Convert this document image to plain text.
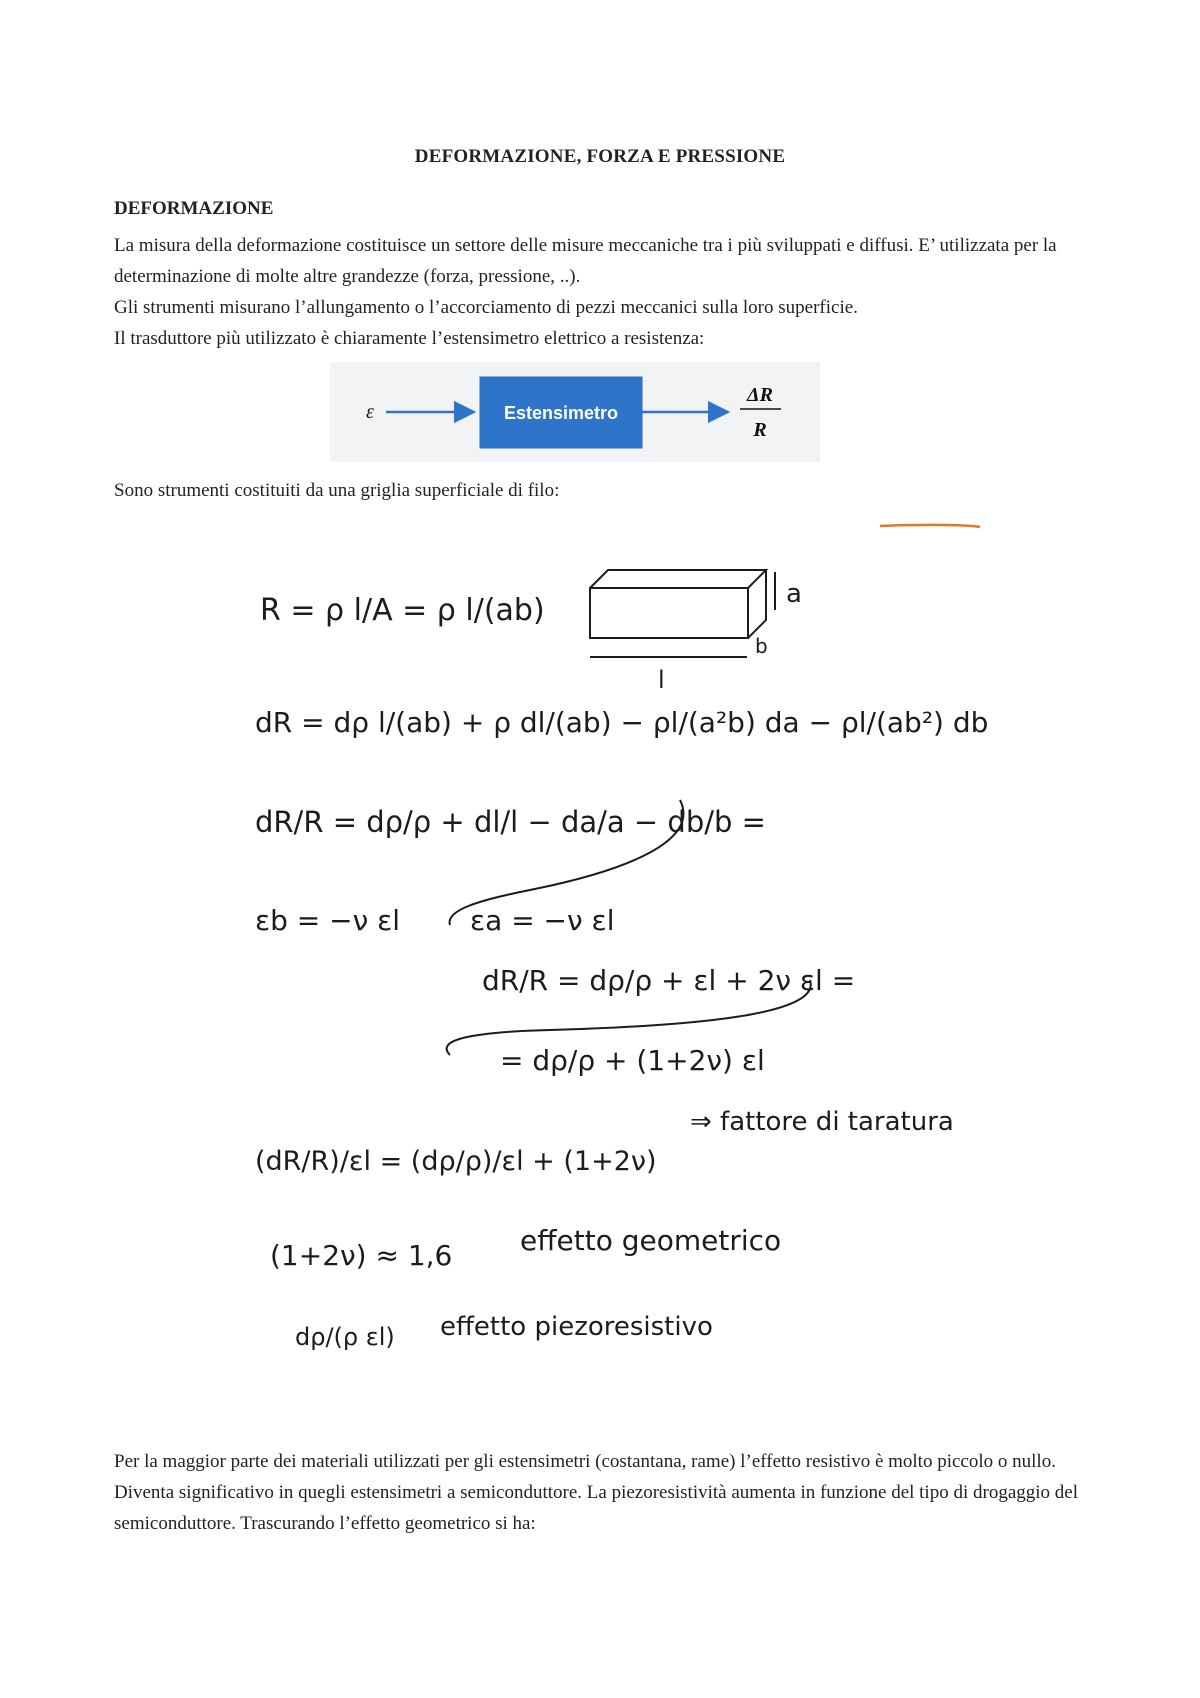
DEFORMAZIONE, FORZA E PRESSIONE
DEFORMAZIONE

La misura della deformazione costituisce un settore delle misure meccaniche tra i più sviluppati e diffusi. E’ utilizzata per la determinazione di molte altre grandezze (forza, pressione, ..).

Gli strumenti misurano l’allungamento o l’accorciamento di pezzi meccanici sulla loro superficie.

Il trasduttore più utilizzato è chiaramente l’estensimetro elettrico a resistenza:

ε	Estensimetro
ΔR
R
Sono strumenti costituiti da una griglia superficiale di filo:
R = ρ l/A = ρ l/(ab)	a
b
l
dR = dρ l/(ab) + ρ dl/(ab) − ρl/(a²b) da − ρl/(ab²) db
dR/R = dρ/ρ + dl/l − da/a − db/b =
εb = −ν εl εa = −ν εl
dR/R = dρ/ρ + εl + 2ν εl =
= dρ/ρ + (1+2ν) εl
(dR/R)/εl = (dρ/ρ)/εl + (1+2ν)
⇒ fattore di taratura
(1+2ν) ≈ 1,6 effetto geometrico
dρ/(ρ εl) effetto piezoresistivo
Per la maggior parte dei materiali utilizzati per gli estensimetri (costantana, rame) l’effetto resistivo è molto piccolo o nullo. Diventa significativo in quegli estensimetri a semiconduttore. La piezoresistività aumenta in funzione del tipo di drogaggio del semiconduttore. Trascurando l’effetto geometrico si ha:
